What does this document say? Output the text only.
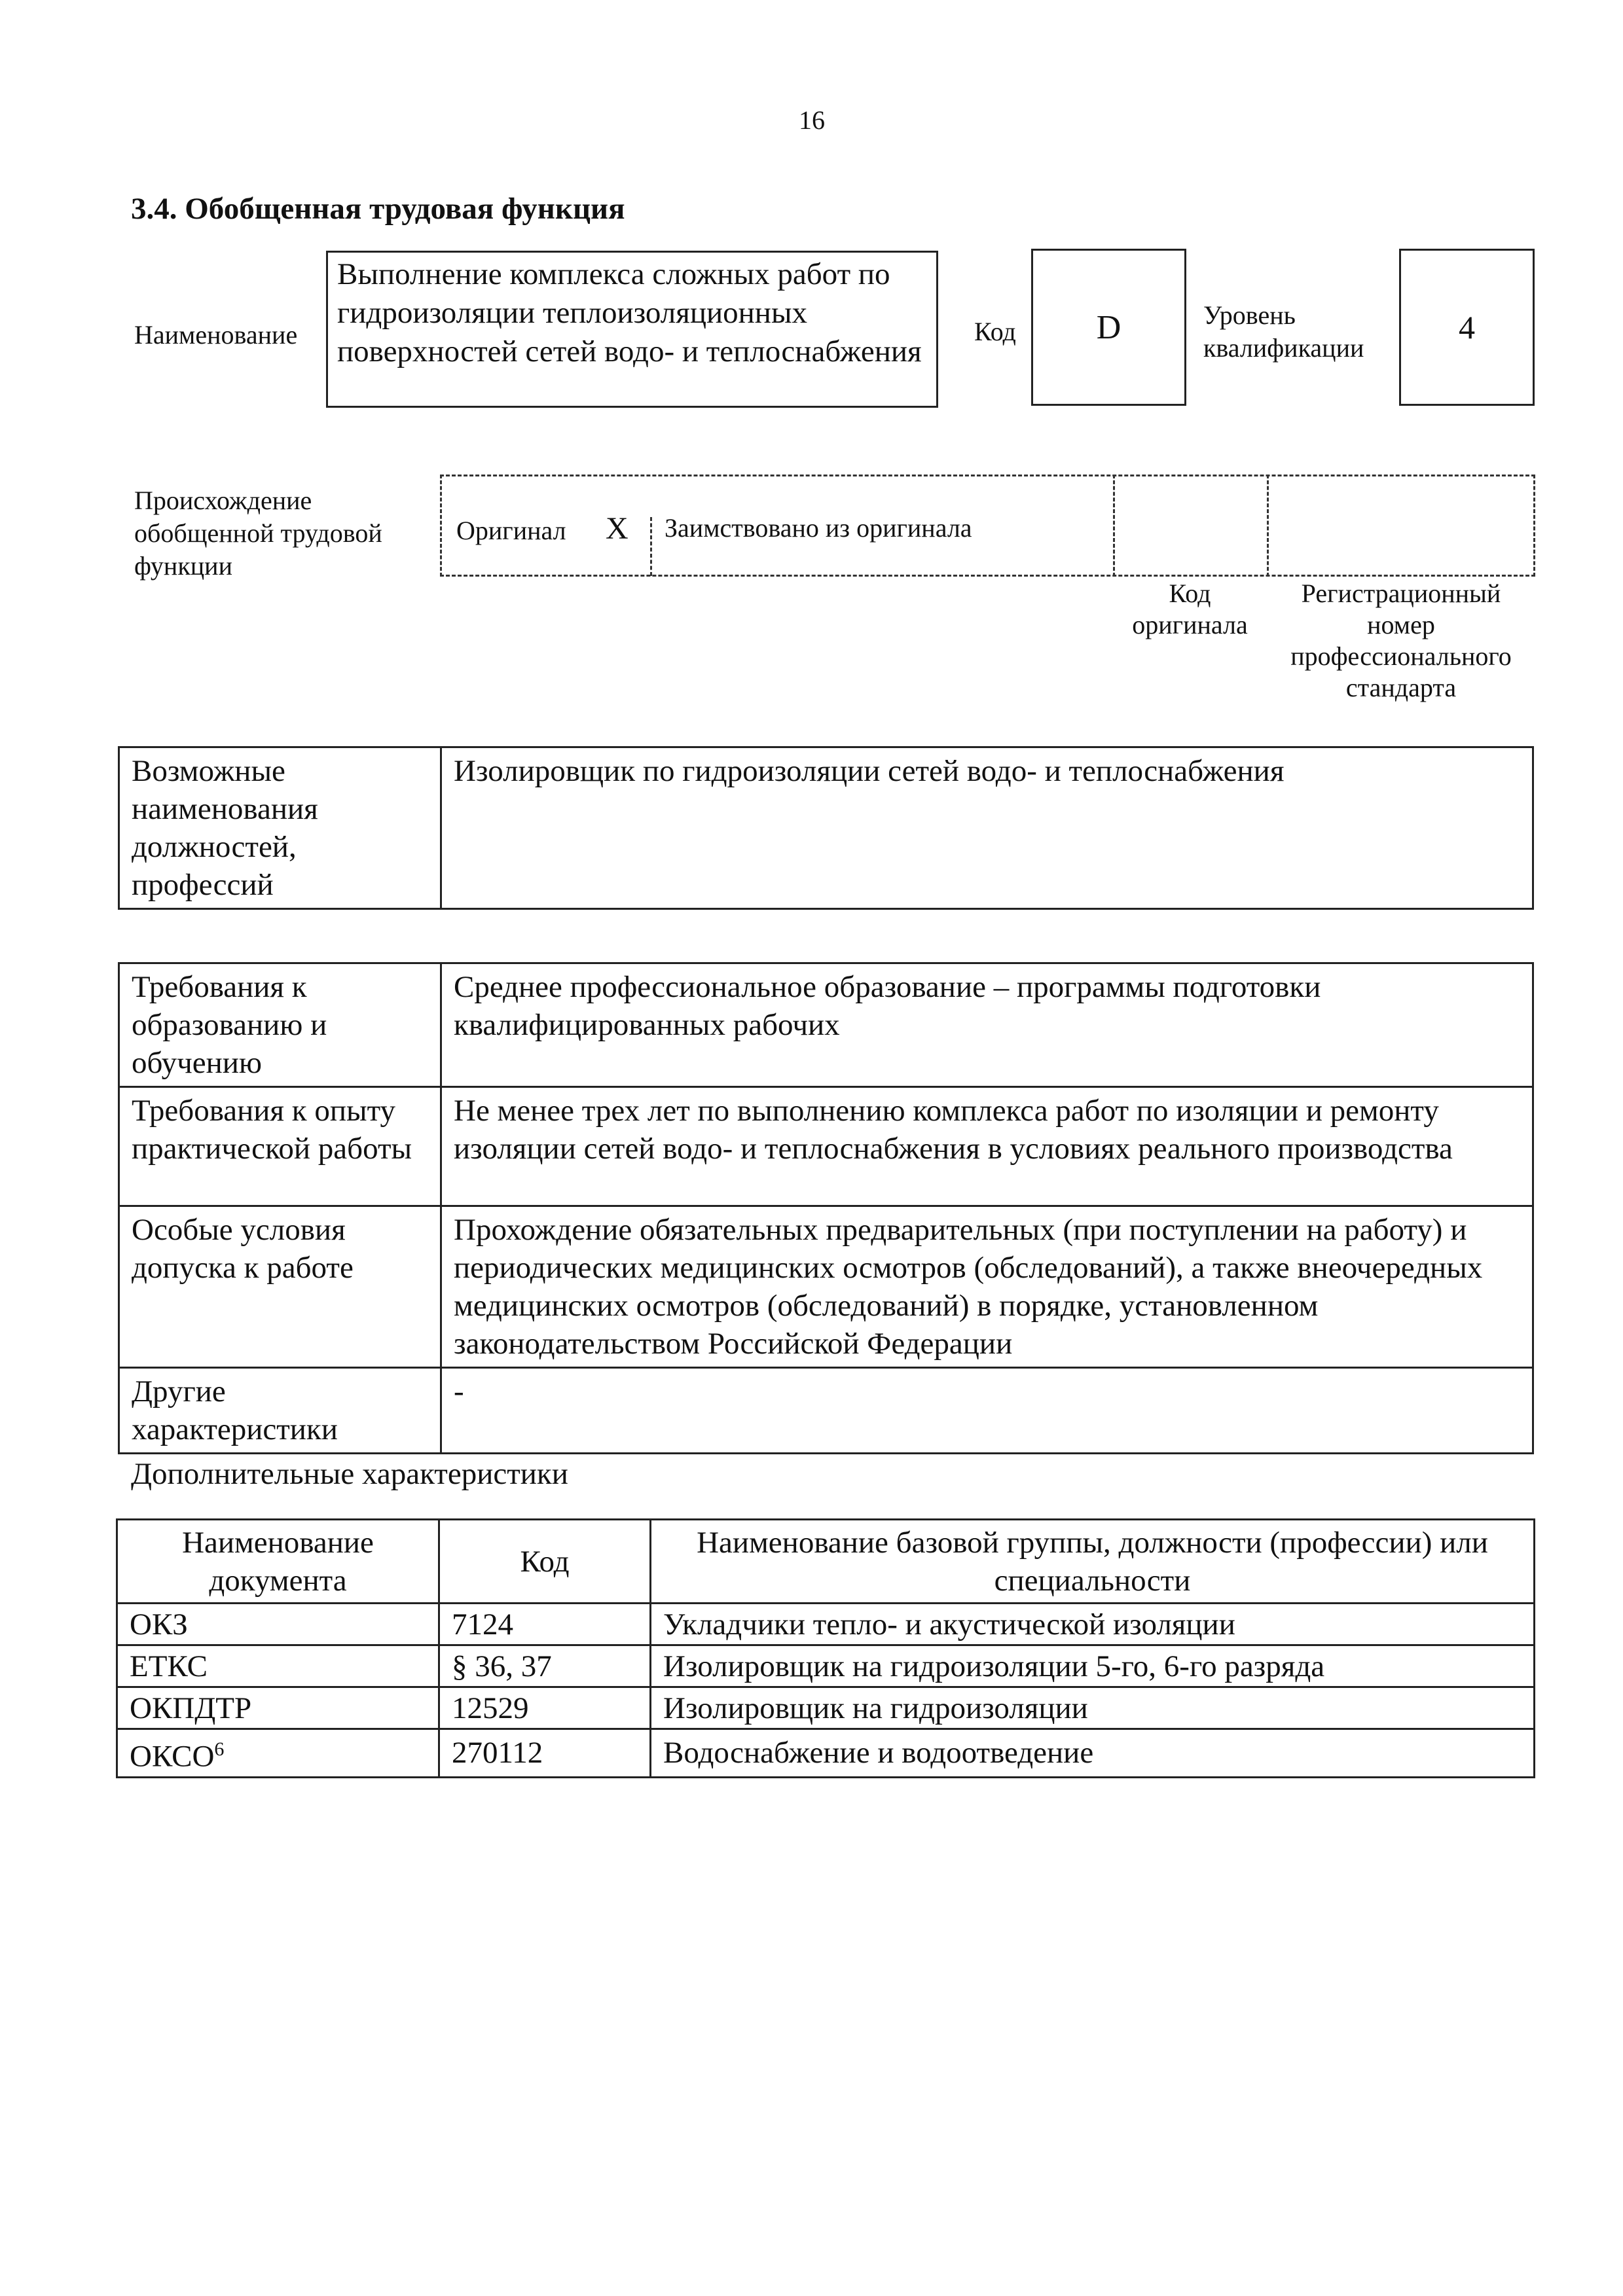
16
3.4. Обобщенная трудовая функция
Наименование
Выполнение комплекса сложных работ по гидроизоляции теплоизоляционных поверхностей сетей водо- и теплоснабжения
Код	D	Уровень
квалификации
4
Происхождение
обобщенной трудовой
функции
Оригинал X Заимствовано из оригинала
Код
оригинала
Регистрационный
номер
профессионального
стандарта
Возможные наименования должностей, профессий	Изолировщик по гидроизоляции сетей водо- и теплоснабжения
Требования к образованию и обучению	Среднее профессиональное образование – программы подготовки квалифицированных рабочих
Требования к опыту практической работы	Не менее трех лет по выполнению комплекса работ по изоляции и ремонту изоляции сетей водо- и теплоснабжения в условиях реального производства
Особые условия допуска к работе	Прохождение обязательных предварительных (при поступлении на работу) и периодических медицинских осмотров (обследований), а также внеочередных медицинских осмотров (обследований) в порядке, установленном законодательством Российской Федерации
Другие характеристики	-
Дополнительные характеристики
Наименование документа	Код	Наименование базовой группы, должности (профессии) или специальности
ОКЗ	7124	Укладчики тепло- и акустической изоляции
ЕТКС	§ 36, 37	Изолировщик на гидроизоляции 5-го, 6-го разряда
ОКПДТР	12529	Изолировщик на гидроизоляции
ОКСО$^6$	270112	Водоснабжение и водоотведение
